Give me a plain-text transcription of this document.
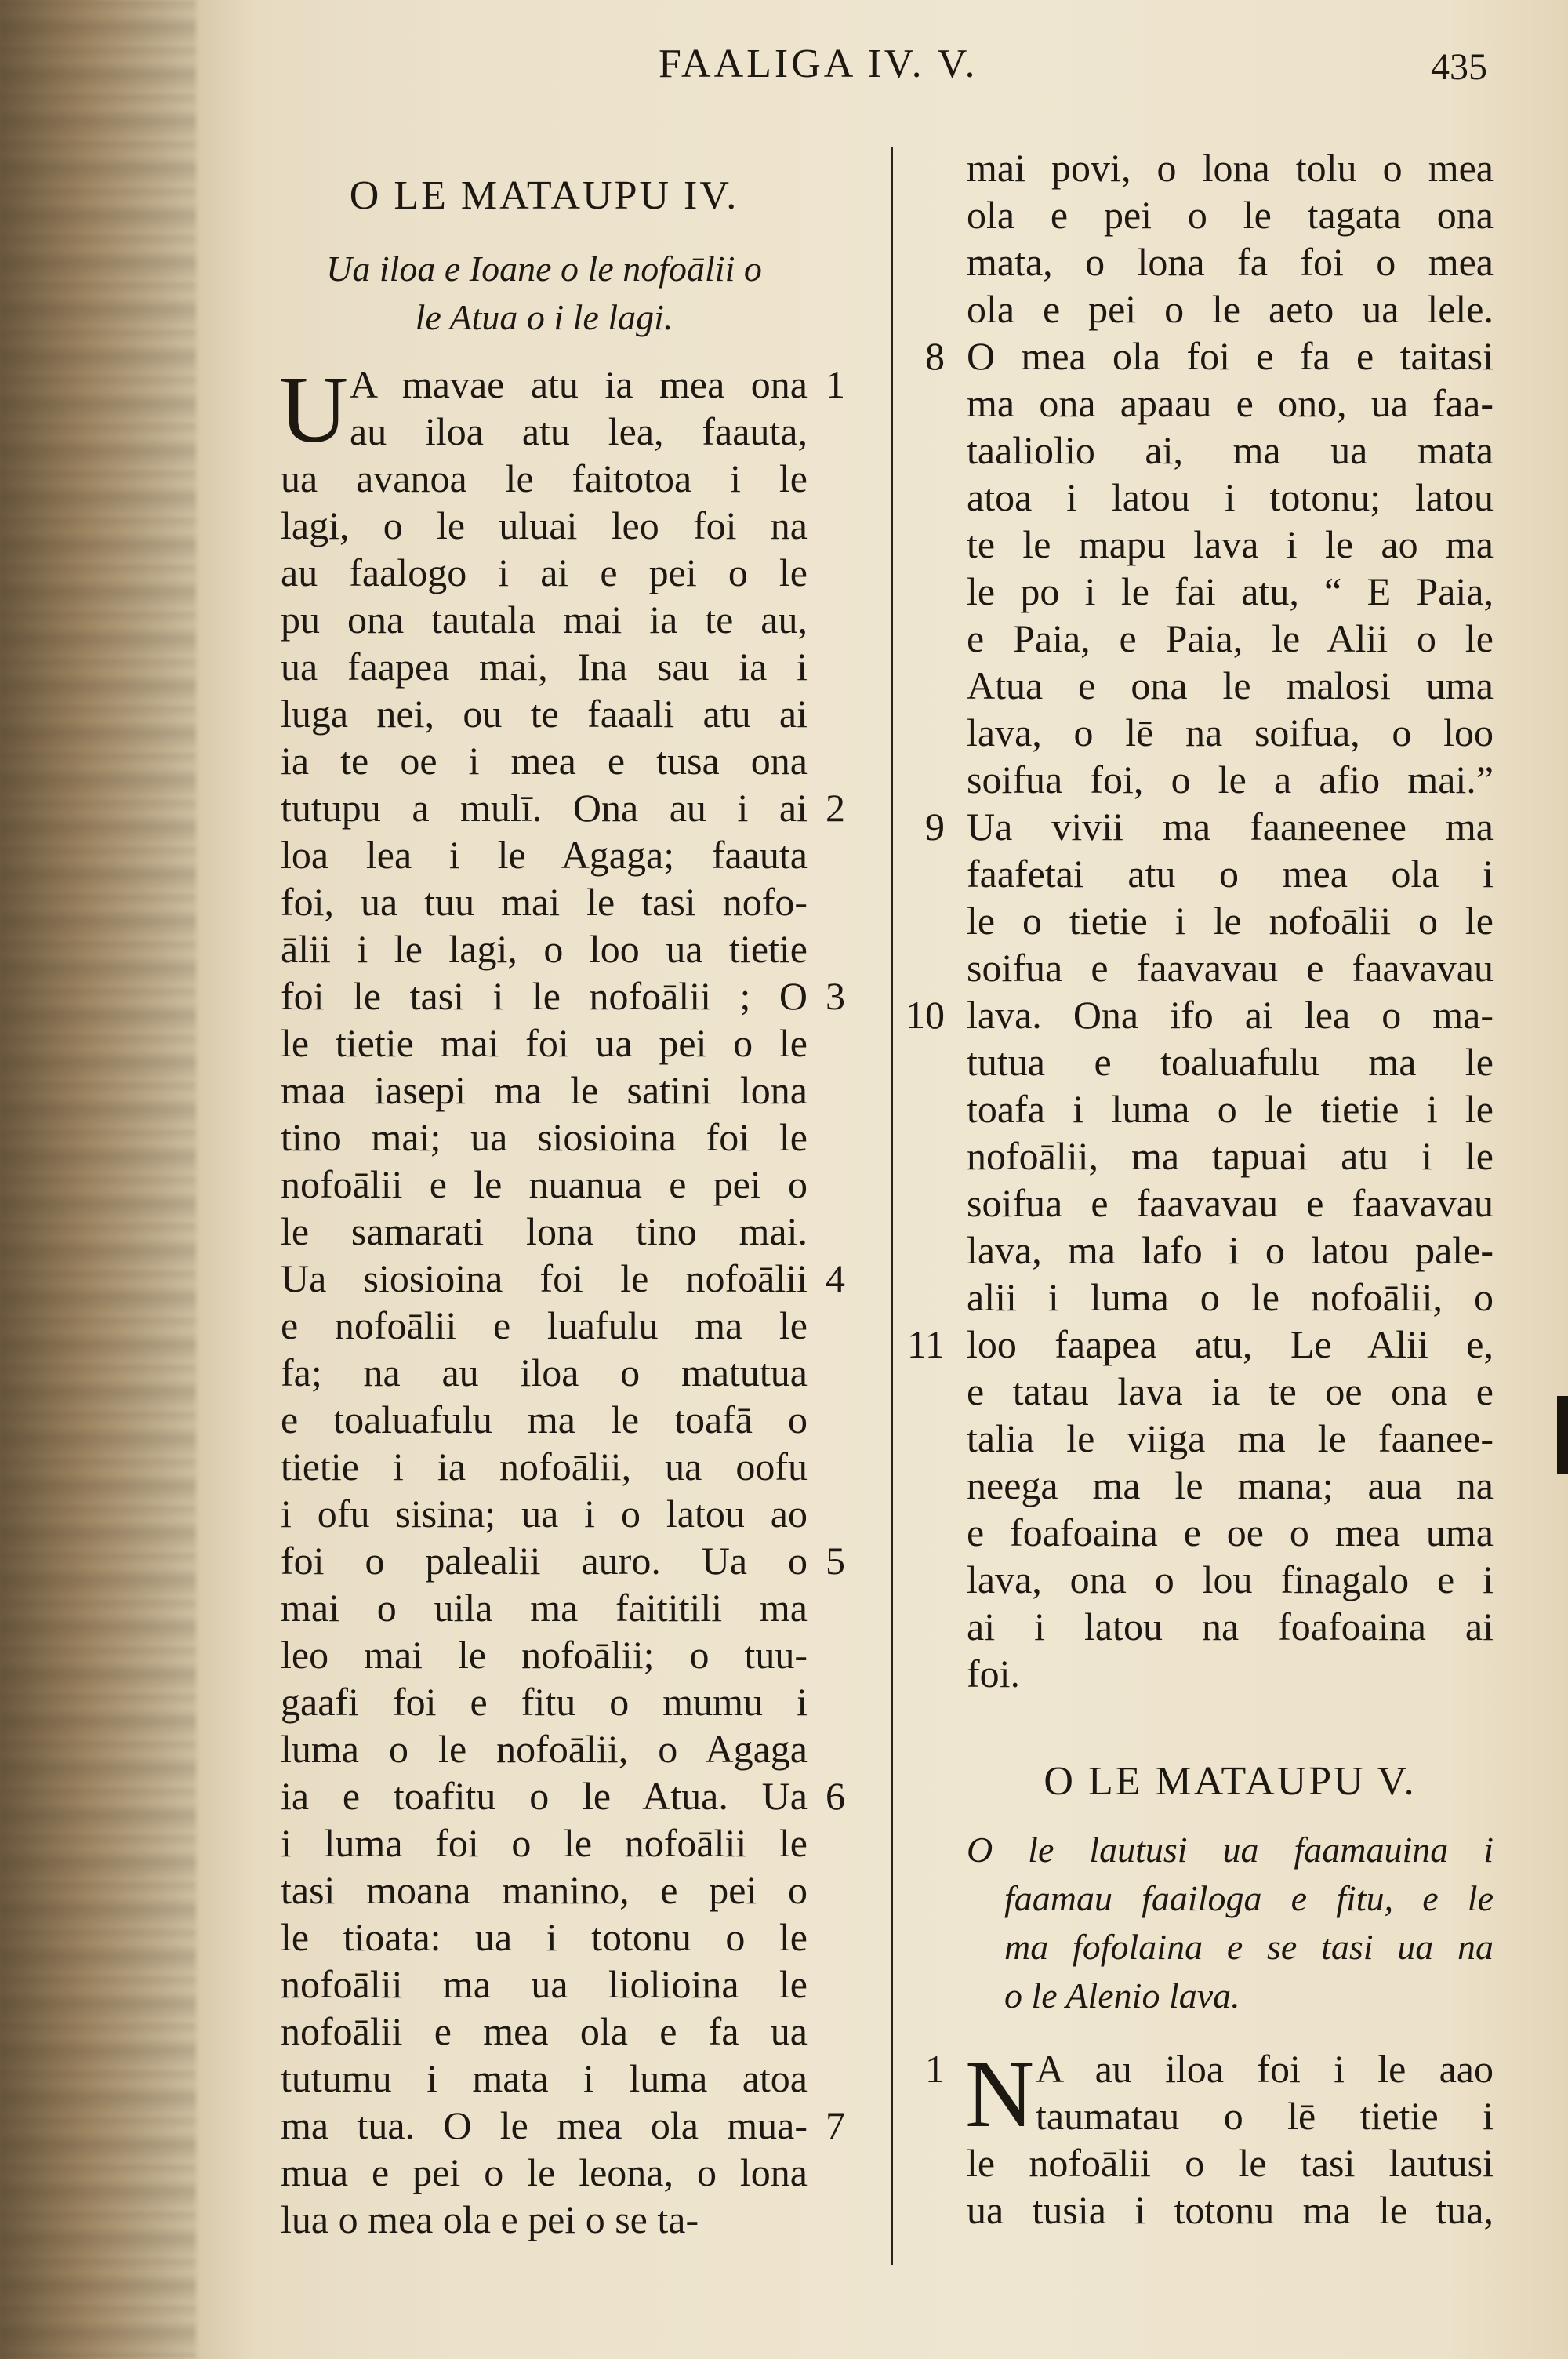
FAALIGA IV. V.	435
O LE MATAUPU IV.

Ua iloa e Ioane o le nofoālii o
le Atua o i le lagi.

U A mavae atu ia mea ona 1
au iloa atu lea, faauta,
ua avanoa le faitotoa i le
lagi, o le uluai leo foi na
au faalogo i ai e pei o le
pu ona tautala mai ia te au,
ua faapea mai, Ina sau ia i
luga nei, ou te faaali atu ai
ia te oe i mea e tusa ona
tutupu a mulī. Ona au i ai 2
loa lea i le Agaga; faauta
foi, ua tuu mai le tasi nofo-
ālii i le lagi, o loo ua tietie
foi le tasi i le nofoālii ; O 3
le tietie mai foi ua pei o le
maa iasepi ma le satini lona
tino mai; ua siosioina foi le
nofoālii e le nuanua e pei o
le samarati lona tino mai.
Ua siosioina foi le nofoālii 4
e nofoālii e luafulu ma le
fa; na au iloa o matutua
e toaluafulu ma le toafā o
tietie i ia nofoālii, ua oofu
i ofu sisina; ua i o latou ao
foi o palealii auro. Ua o 5
mai o uila ma faititili ma
leo mai le nofoālii; o tuu-
gaafi foi e fitu o mumu i
luma o le nofoālii, o Agaga
ia e toafitu o le Atua. Ua 6
i luma foi o le nofoālii le
tasi moana manino, e pei o
le tioata: ua i totonu o le
nofoālii ma ua liolioina le
nofoālii e mea ola e fa ua
tutumu i mata i luma atoa
ma tua. O le mea ola mua- 7
mua e pei o le leona, o lona
lua o mea ola e pei o se ta-
mai povi, o lona tolu o mea
ola e pei o le tagata ona
mata, o lona fa foi o mea
ola e pei o le aeto ua lele.
O mea ola foi e fa e taitasi
8
ma ona apaau e ono, ua faa-
taaliolio ai, ma ua mata
atoa i latou i totonu; latou
te le mapu lava i le ao ma
le po i le fai atu, “ E Paia,
e Paia, e Paia, le Alii o le
Atua e ona le malosi uma
lava, o lē na soifua, o loo
soifua foi, o le a afio mai.”
Ua vivii ma faaneenee ma
9
faafetai atu o mea ola i
le o tietie i le nofoālii o le
soifua e faavavau e faavavau
lava. Ona ifo ai lea o ma-
10
tutua e toaluafulu ma le
toafa i luma o le tietie i le
nofoālii, ma tapuai atu i le
soifua e faavavau e faavavau
lava, ma lafo i o latou pale-
alii i luma o le nofoālii, o
loo faapea atu, Le Alii e,
11
e tatau lava ia te oe ona e
talia le viiga ma le faanee-
neega ma le mana; aua na
e foafoaina e oe o mea uma
lava, ona o lou finagalo e i
ai i latou na foafoaina ai
foi.
O LE MATAUPU V.
O le lautusi ua faamauina i
faamau faailoga e fitu, e le
ma fofolaina e se tasi ua na
o le Alenio lava.
N A au iloa foi i le aao
1
taumatau o lē tietie i
le nofoālii o le tasi lautusi
ua tusia i totonu ma le tua,
